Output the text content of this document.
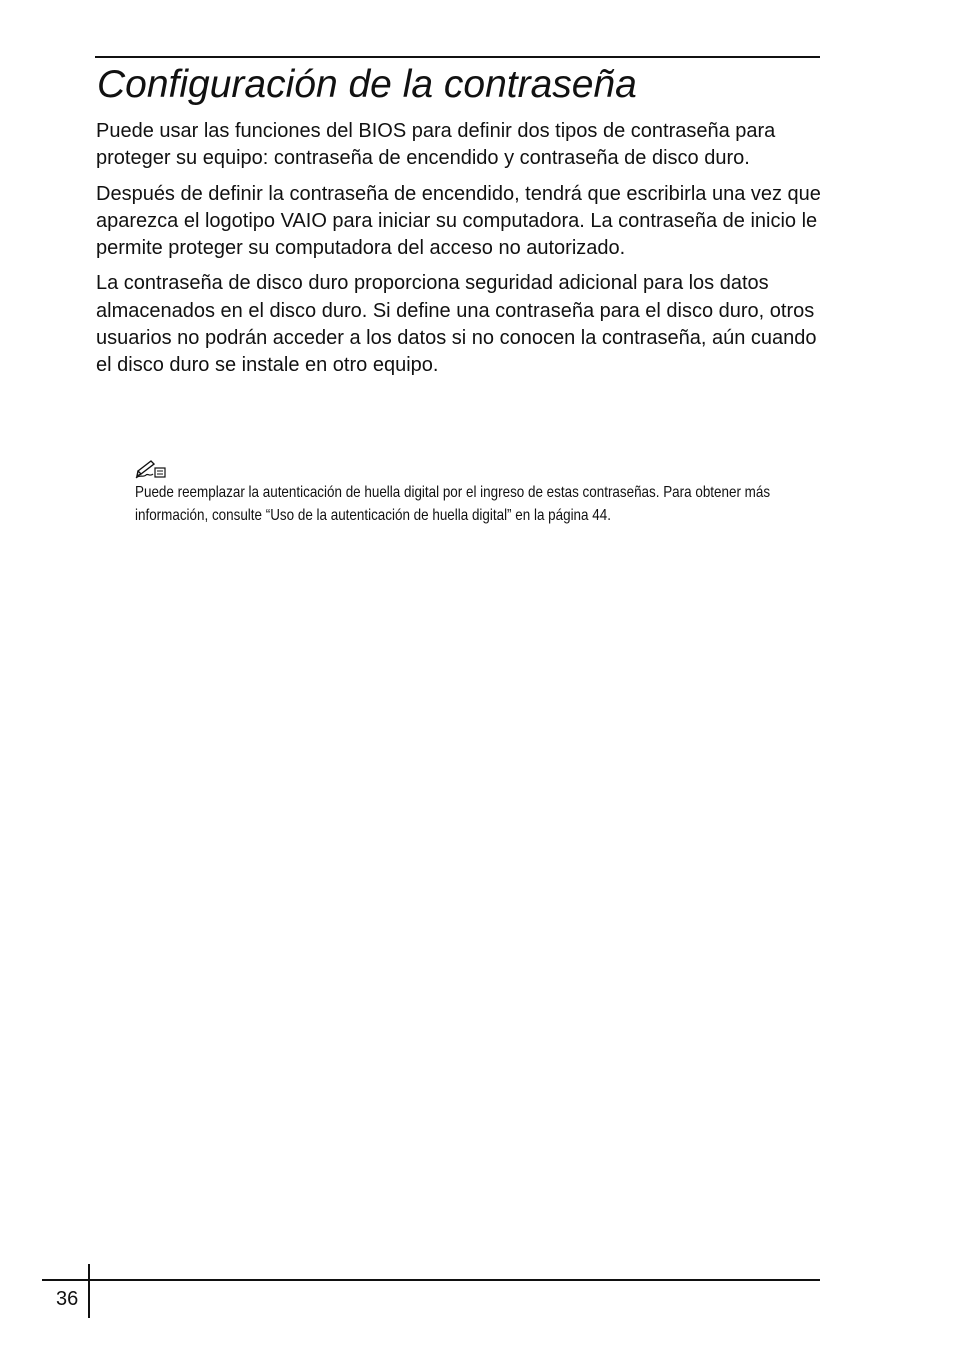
Configuración de la contraseña

Puede usar las funciones del BIOS para definir dos tipos de contraseña para proteger su equipo: contraseña de encendido y contraseña de disco duro.

Después de definir la contraseña de encendido, tendrá que escribirla una vez que aparezca el logotipo VAIO para iniciar su computadora. La contraseña de inicio le permite proteger su computadora del acceso no autorizado.

La contraseña de disco duro proporciona seguridad adicional para los datos almacenados en el disco duro. Si define una contraseña para el disco duro, otros usuarios no podrán acceder a los datos si no conocen la contraseña, aún cuando el disco duro se instale en otro equipo.

Puede reemplazar la autenticación de huella digital por el ingreso de estas contraseñas. Para obtener más información, consulte “Uso de la autenticación de huella digital” en la página 44.

36
